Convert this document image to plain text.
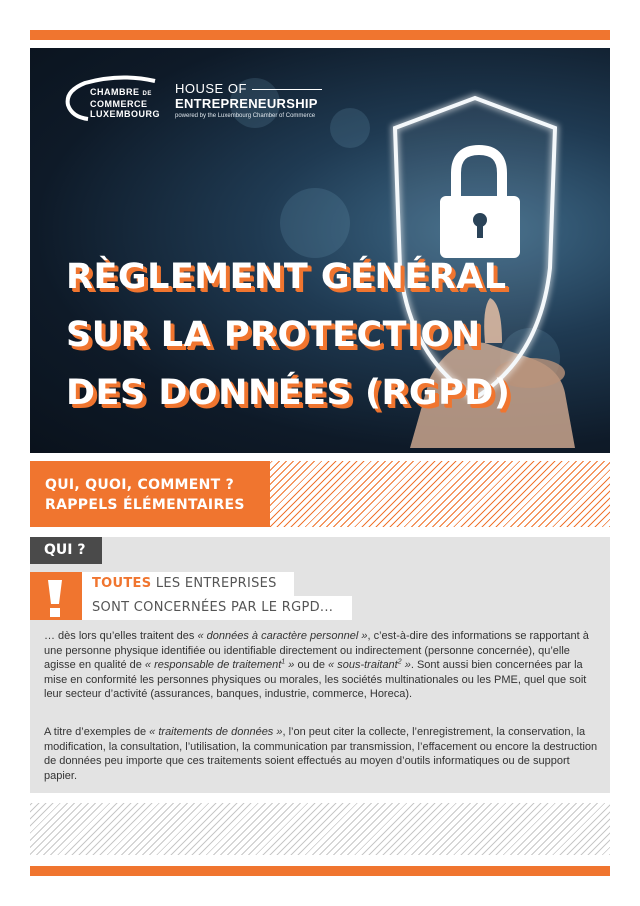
CHAMBRE DE
COMMERCE
LUXEMBOURG
HOUSE OF
ENTREPRENEURSHIP
powered by the Luxembourg Chamber of Commerce
RÈGLEMENT GÉNÉRAL
SUR LA PROTECTION
DES DONNÉES (RGPD)
QUI, QUOI, COMMENT ?
RAPPELS ÉLÉMENTAIRES
QUI ?
TOUTES LES ENTREPRISES
SONT CONCERNÉES PAR LE RGPD...

… dès lors qu’elles traitent des « données à caractère personnel », c’est-à-dire des informations se rapportant à une personne physique identifiée ou identifiable directement ou indirectement (personne concernée), qu’elle agisse en qualité de « responsable de traitement$^1$ » ou de « sous-traitant$^2$ ». Sont aussi bien concernées par la mise en conformité les personnes physiques ou morales, les sociétés multinationales ou les PME, quel que soit leur secteur d’activité (assurances, banques, industrie, commerce, Horeca).

A titre d’exemples de « traitements de données », l’on peut citer la collecte, l’enregistrement, la conservation, la modification, la consultation, l’utilisation, la communication par transmission, l’effacement ou encore la destruction de données peu importe que ces traitements soient effectués au moyen d’outils informatiques ou de support papier.
